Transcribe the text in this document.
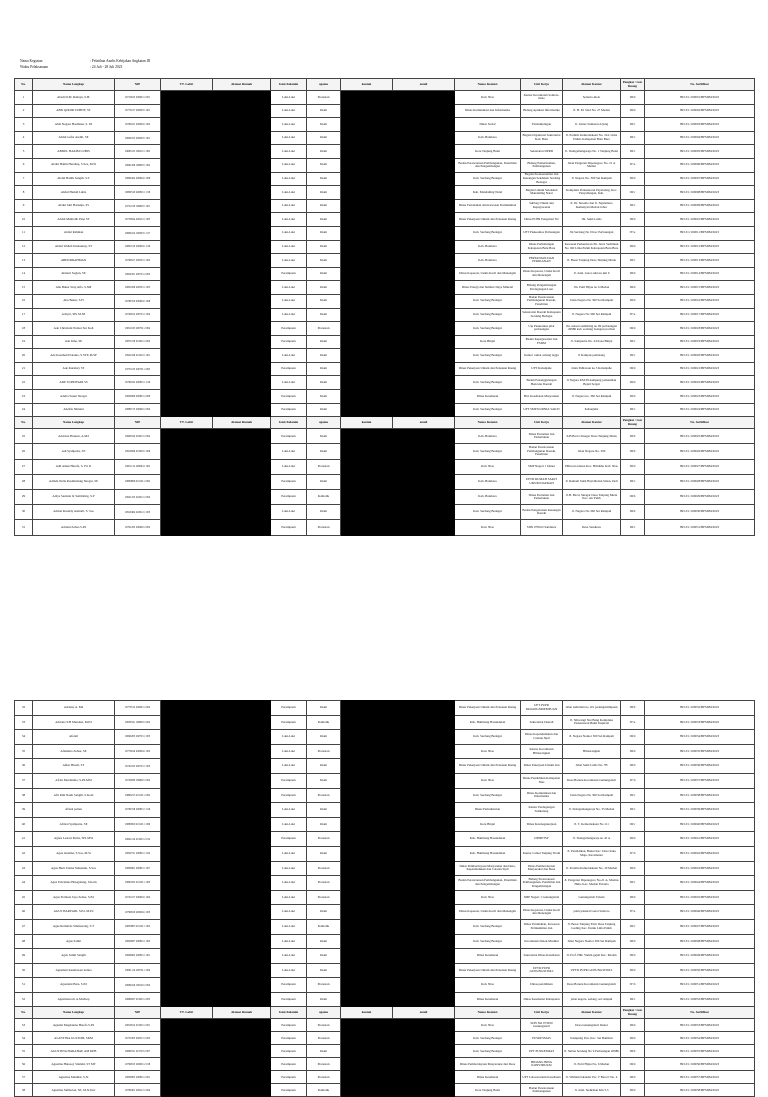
Nama Kegiatan	: Pelatihan Analis Kebijakan Angkatan III
Waktu Pelaksanaan	: 24 Juli - 28 Juli 2023
No.	Nama Lengkap	NIP	TT. Lahir	Alamat Rumah	Jenis Kelamin	agama	kontak	email	Nama Instansi	Unit Kerja	Alamat Kantor	Pangkat / Gol. Ruang	No. Sertifikat
1	Abadi D.M. Rahayu, S.H.	19710613 200901 2 001			Laki-Laki	Protestan			Kab. Nias	Kantor Kecamatan Somolo-molo	Somolo-molo	III/d	893.3/1/100001/BPSDM/2023
2	ABD QODIR ZUHDY, ST	19770217 200903 1 001			Laki-Laki	Islam			Dinas Komunikasi dan Informatika	Bidang Aplikasi Informatika	Jl. H. M. Said No. 27 Medan	III/d	893.3/1/100002/BPSDM/2023
3	Abdi Negara Hasibuan, S. Pd	19790221 200904 1 002			Laki-Laki	Islam			Dinas Sosial	Pendampingan	Jl. Lintas Sumatera Ujung	III/c	893.3/1/100003/BPSDM/2023
4	Abdul Gafar Auditi, SE	19840315 200903 1 001			Laki-Laki	Islam			Kab. Batubara	Bagian Organisasi Sekretariat Kab. Batu	Jl. Perintis Kemerdekaan No. 164, Lima Puluh, Kabupaten Batu Bara	III/c	893.3/1/100004/BPSDM/2023
5	ABDUL HAKIM LUBIS	19681105 199512 1 002			Laki-Laki	Islam			Kota Tanjung Balai	Sekretariat DPRD	Jl. Sisingamangaraja No. 1 Tanjung Balai	III/c	893.3/1/100005/BPSDM/2023
6	Abdul Halim Harahap, S.Sos, M.Si	19661208 198903 1 002			Laki-Laki	Islam			Badan Perencanaan Pembangunan, Penelitian dan Pengembangan	Bidang Pemerintahan, Pembangunan	Jalan Pangeran Diponegoro No. 21 A Medan	IV/a	893.3/1/100006/BPSDM/2023
7	Abdul Halim Sangih, S.T	19800422 200604 1 009			Laki-Laki	Islam			Kab. Serdang Bedagai	Bagian Perekonomian dan Keuangan Sekdakab Serdang Bedagai	Jl. Negara No. 300 Sei Rampah	III/d	893.3/1/100007/BPSDM/2023
8	Abdul Hamid Lubis	19800510 200801 1 018			Laki-Laki	Islam			Kab. Mandailing Natal	Bagian Umum Sekdakab Mandailing Natal	Kompleks Perkantoran Payaloting, Kec. Panyabungan, Kab.	III/c	893.3/1/100008/BPSDM/2023
9	Abdul Jalil Harianja, SS	19721109 199603 1 001			Laki-Laki	Islam			Dinas Pertanahan dan Kawasan Permukiman	Subbag Umum dan Kepegawaian	Jl. Dr. Sutomo dan Jl. Ngalamoto Kemenyan Medan Johor	III/c	893.3/1/100009/BPSDM/2023
10	Abdul Mutholib Pane ST	19750924 200212 1 003			Laki-Laki	Islam			Dinas Pekerjaan Umum dan Penataan Ruang	Dinas PUPR Pengairan SU	Jln. Sakti Lubis	III/d	893.3/1/100010/BPSDM/2023
11	Abdul Rahman	19690412 199303 1 017			Laki-Laki	Islam			Kab. Serdang Bedagai	UPT Puskesmas Perbaungan	Jln Serdang No 9 Kec Perbaungan	IV/a	893.3/1/100011/BPSDM/2023
12	Abdul Wahab Daulaunay, ST	19801010 200604 1 016			Laki-Laki	Islam			Kab. Batubara	Dinas Perhubungan Kabupaten Batu Bara	Kawasan Perkantoran Jln. Jend. Sudirman No 160 Lima Puluh Kabupaten Batu Bara	III/d	893.3/1/100012/BPSDM/2023
13	ABDURRAHMAN	19760917 200501 1 002			Laki-Laki	Islam			Kab. Batubara	PERTANIAN DAN PERIKANAN	Jl. Besar Tanjung Desa Tanjung Muda	III/c	893.3/1/100013/BPSDM/2023
14	Abmeri Sagian, SE	19820321 200701 2 003			Perempuan	Islam			Dinas Koperasi, Usaha Kecil dan Menengah	Dinas Koperasi, Usaha Kecil dan Menengah	Jl. Jend. Gatot subroto km 6	III/d	893.3/1/100014/BPSDM/2023
15	Abu Bakar Siraj Alfa, S.SM	19831009 200501 1 003			Laki-Laki	Islam			Dinas Energi dan Sumber Daya Mineral	Bidang Pengembangan Perdagangan Luar	Jln. Putri Hijau no 6 Medan	III/d	893.3/1/100015/BPSDM/2023
16	Abu Bakar, S.Pi	19780310 200604 1 008			Laki-Laki	Islam			Kab. Serdang Bedagai	Badan Perencanaan Pembangunan Daerah, Penelitian	Jalan Negara No 300 Sei Rampah	III/d	893.3/1/100016/BPSDM/2023
17	Achyar, SH, M.SP	19740612 200701 1 004			Laki-Laki	Islam			Kab. Serdang Bedagai	Sekretariat Daerah Kabupaten Serdang Bedagai	Jl. Negara No 300 Sei Rampah	IV/a	893.3/1/100017/BPSDM/2023
18	Ade Christiani Nainar Sur Koh	19811025 200701 2 004			Perempuan	Protestan			Kab. Serdang Bedagai	Upt Puskesmas pilar perbaungan	Jln. nelson sembiring no 99 perbaungan 20986 kab. serdang bedagai provinsi	III/d	893.3/1/100018/BPSDM/2023
19	Ade Irma, SE	19871019 201001 2 002			Perempuan	Islam			Kota Binjai	Badan Kepegawaian dan PSDM	Jl. Sampurna No. 24 Kota Binjai	III/c	893.3/1/100019/BPSDM/2023
20	Ade Kesuhan Pratama, S.STP, M.SP	19921026 201410 1 001			Laki-Laki	Islam			Kab. Serdang Bedagai	Kantor camat sabang lagga	Jl Kampus pematang	III/c	893.3/1/100020/BPSDM/2023
21	Ade Kurniaty ST	19751103 200701 2 003			Perempuan	Islam			Dinas Pekerjaan Umum dan Penataan Ruang	UPT Kabanjahe	Jalan Pahlawan no 3 Kabanjahe	III/d	893.3/1/100021/BPSDM/2023
22	ADE SUPRIYADI SS	19760222 200801 1 016			Laki-Laki	Islam			Kab. Serdang Bedagai	Badan Penanggulangan Bencana Daerah	Jl Negara KM 69 kampung pemandian Bejati Sergai	III/d	893.3/1/100022/BPSDM/2023
23	Adelia Susan Siregar	19820909 200801 2 008			Perempuan	Islam			Dinas Kesehatan	Bid. Kesehatan Masyarakat	Jl. Negara no. 300 Sei Rampah	III/d	893.3/1/100023/BPSDM/2023
24	Adelfia Silmani	19880713 200902 2 004			Perempuan	Islam			Kab. Serdang Bedagai	UPT SMP KURNIA SAKTI	Kabanjahe	III/c	893.3/1/100024/BPSDM/2023
No.	Nama Lengkap	NIP	TT. Lahir	Alamat Rumah	Jenis Kelamin	agama	kontak	email	Nama Instansi	Unit Kerja	Alamat Kantor	Pangkat / Gol. Ruang	No. Sertifikat
25	AdeLina Hanson, A.Md	19900524 202012 2 004			Perempuan	Islam			Kab. Batubara	Dinas Pertanian dan Perkebunan	Jl.H.Bacra Sinagar Desa Tanjung Muda	III/b	893.3/1/100025/BPSDM/2023
26	Adi Syahputra, SE	19910826 201903 1 006			Laki-Laki	Islam			Kab. Serdang Bedagai	Badan Perencanaan Pembangunan Daerah, Penelitian	Jalan Negara No. 300	III/b	893.3/1/100026/BPSDM/2023
27	Adil Aman Harefa, S. Pd. K	19811112 200604 1 002			Laki-Laki	Protestan			Kab. Nias	SMP Negeri 1 Idanoi	Hiliweto-idanoi Kec. Hiliduho Kab. Nias	III/d	893.3/1/100027/BPSDM/2023
28	Adinda Nella Rosmindang Siregar, SE	19860908 201101 2 002			Perempuan	Islam			Kab. Batubara	UPTD RUMAH SAKIT UMUM DAERAH	Jl. Ramadi Sakit Haji Medan Sidon, Deli	III/c	893.3/1/100028/BPSDM/2023
29	Adiya Sandala br Sembiring, S.P	19951225 202012 2 004			Perempuan	Katholik			Kab. Batubara	Dinas Pertanian dan Perkebunan	Jl.H. Bacra Sinagar Desa Tanjung Muda Kec. Air Putih	III/b	893.3/1/100029/BPSDM/2023
30	Adrian Rosaldy Asmarli, S. Sos	19910404 202012 1 003			Laki-Laki	Islam			Kab. Serdang Bedagai	Badan Pengelolaan Keuangan Daerah	Jl. Negara No 300 Sei Rampah	III/b	893.3/1/100030/BPSDM/2023
31	Adriani Zebua S.Pd	19791203 200902 2 002			Perempuan	Protestan			Kab. Nias	SDN 078102 Sanduwu	Desa Sanduwu	III/c	893.3/1/100031/BPSDM/2023
32	Adriani, A. Md	19770512 200901 2 002			Perempuan	Islam			Dinas Pekerjaan Umum dan Penataan Ruang	UPT PUPR PADANGSIDEMPUAN	Jalan sudirman no 191 padangsidimpuan	III/b	893.3/1/100032/BPSDM/2023
33	Adriana Y.H Matulesi, M.Pd	19630521 198603 2 002			Perempuan	Katholik			Kab. Humbang Hasundutan	Sekretariat Daerah	Jl. Siliwangi Sisi Bang Kompleks Perkantoran Bukit Inspirasi	IV/a	893.3/1/100033/BPSDM/2023
34	Afendi	19840203 200701 1 005			Laki-Laki	Islam			Kab. Serdang Bedagai	Dinas Kependudukan dan Catatan Sipil	Jl. Negara Nomor 300 Sei Rampah	III/d	893.3/1/100034/BPSDM/2023
35	Afiantino Zebua, SE	19770619 200904 1 002			Laki-Laki	Protestan			Kab. Nias	Kantor Kecamatan Hiliserangkai	Hiliserangkai	III/d	893.3/1/100035/BPSDM/2023
36	Afkar Hiredi, ST	19741023 200701 1 003			Laki-Laki	Islam			Dinas Pekerjaan Umum dan Penataan Ruang	Dinas Pekerjaan Umum dan	Jalan Sakti Lubis No. 7B	III/d	893.3/1/100036/BPSDM/2023
37	Afrita Mardianita, S.Pd.MSI	19720830 199802 2 002			Perempuan	Islam			Kab. Nias	Dinas Pendidikan Kabupaten Nias	Desa Baruzu Kecamatan Gunungsitoli	IV/b	893.3/1/100037/BPSDM/2023
38	Afri Rini Nauli Sangih, S.Kom	19890213 201101 2 002			Perempuan	Protestan			Kab. Serdang Bedagai	Dinas Komunikasi dan Informatika	Jalan Negara No 300 Sei Rampah	III/c	893.3/1/100038/BPSDM/2023
39	afrizal pohan	19760318 200801 1 016			Laki-Laki	Islam			Dinas Perindustrian	Kantor Perdagangan Sidikalang	Jl. Sisingamangaraja No. 35 Medan	III/c	893.3/1/100039/BPSDM/2023
40	Afrizal Syahputra, SE	19880820 201101 1 006			Laki-Laki	Islam			Kota Binjai	Dinas Ketenagakerjaan	Jl. T. Kemerdekaan No 111	III/c	893.3/1/100040/BPSDM/2023
41	Agnes Lestari Purba, SH, MSI	19841214 201001 2 012			Perempuan	Protestan			Kab. Humbang Hasundutan	DPMPTSP	Jl. Sisingamangaraja no 45 A	III/d	893.3/1/100041/BPSDM/2023
42	Agus Awalika, S.Sos, M.Si	19820721 200801 1 022			Laki-Laki	Islam			Kab. Humbang Hasundutan	Kantor Camat Tanjung Tiram	Jl. Pendidikan, Bunut Kec. Desa Suka Maju, Kecamatan	IV/b	893.3/1/100042/BPSDM/2023
43	Agus Hani Utama Simanulu, S.Sos	19800901 200801 1 007			Laki-Laki	Protestan			Dinas Pemberdayaan Masyarakat dan Desa, Kependudukan dan Catatan Sipil	Dinas Pemberdayaan Masyarakat dan Desa	Jl. Pertahu Kemerdekaan No. 19 Medan	III/d	893.3/1/100043/BPSDM/2023
44	Agus Febrianus Hutagalung, S.Kom	19861002 201101 1 003			Laki-Laki	Protestan			Badan Perencanaan Pembangunan, Penelitian dan Pengembangan	Bidang Perencanaan Pembangunan, Penelitian dan Pengembangan	Jl. Pangeran Diponegoro No.21 A, Madras Hulu, Kec. Medan Polonia	III/c	893.3/1/100044/BPSDM/2023
45	Agus Permata Jaya Zebua, S.Pd	19721017 200604 1 004			Laki-Laki	Protestan			Kab. Nias	SMP Negeri 1 Gunungsitoli	Gunungsitoli Tabalu	III/d	893.3/1/100045/BPSDM/2023
46	AGUS HARYADI, S.Pd, M.Pd	19790810 200604 1 003			Laki-Laki	Islam			Dinas Koperasi, Usaha Kecil dan Menengah	Dinas Koperasi, Usaha Kecil dan Menengah	jalan jenderal Gatot Subroto	IV/a	893.3/1/100046/BPSDM/2023
47	Agus Romuldo Situmorang, S.T	19850803 201101 1 002			Laki-Laki	Katholik			Kab. Serdang Bedagai	Dinas Perumahan, Kawasan Permukiman dan	Jl. Besar Tanjung Pasir Desa Tanjung Gading Kec. Datuk Lima Puluh	III/c	893.3/1/100047/BPSDM/2023
48	Agus Salim	19820607 200801 1 003			Laki-Laki	Islam			Kab. Serdang Bedagai	Kecamatan Dolok Masihul	Jalan Negara Nomor 300 Sei Rampah	III/d	893.3/1/100048/BPSDM/2023
49	Agus Salim Sangih	19840602 200801 1 001			Laki-Laki	Islam			Dinas Kesehatan	Sekretariat Dinas Kesehatan	Jl. Prof. HM. Yamin gejah Kec. Medan	III/d	893.3/1/100049/BPSDM/2023
50	Agusman Kusmawan Zebua	19801114 200701 1 004			Laki-Laki	Islam			Dinas Pekerjaan Umum dan Penataan Ruang	UPTD PUPR GUNUNGSITOLI	UPTD PUPR GUNUNGSITOLI	III/d	893.3/1/100050/BPSDM/2023
51	Agustiani Bara, S.Pd	19680419 199102 2 004			Perempuan	Protestan			Kab. Nias	Dinas pendidikan	Desa Baruzu Kecamatan Gunungsitoli	IV/b	893.3/1/100051/BPSDM/2023
52	Agustinawati, A.Md.Kep	19860827 201001 2 005			Perempuan	Islam			Dinas Kesehatan	Dinas Kesehatan Kabupaten	jalan negara, sedang, sei rampah	III/c	893.3/1/100052/BPSDM/2023
No.	Nama Lengkap	NIP	TT. Lahir	Alamat Rumah	Jenis Kelamin	agama	kontak	email	Nama Instansi	Unit Kerja	Alamat Kantor	Pangkat / Gol. Ruang	No. Sertifikat
53	Agustin Magdalena Harefa S.Pd	19810912 201001 2 001			Perempuan	Protestan			Kab. Nias	SDN NO 073050 Gunungsitoli	Desa Gunungsitoli Idanoi	III/d	893.3/1/100053/BPSDM/2023
54	AGUSTINA GULTOM, SKM	19751003 200312 2 003			Perempuan	Protestan			Kab. Serdang Bedagai	PUSKESMAS	Kampung Pon, Kec. Sei Bamban	III/d	893.3/1/100054/BPSDM/2023
55	AGUSTINA HARAHAP, AM KEB	19860521 201703 2 007			Perempuan	Islam			Kab. Serdang Bedagai	UPT PUSKESMAS	Jl. Sultan Serdang No 9 Perbaungan 20986	III/b	893.3/1/100055/BPSDM/2023
56	Agustina Hutasoy Silalahi, ST MT	19790815 200601 2 018			Perempuan	Protestan			Dinas Pemberdayaan Masyarakat dan Desa	BIDANG BINA KONSTRUKSI	Jl. Putri Hijau No. 6 Medan	III/d	893.3/1/100056/BPSDM/2023
57	Agustina Manihar, S.Si	19830805 200801 2 001			Perempuan	Protestan			Dinas Kesehatan	UPT Laboratorium Kesehatan	Jl. William Iskandar Psr. V Barat I No. 4	III/d	893.3/1/100057/BPSDM/2023
58	Agustina Simbolon, SE, M.Si Dev	19780401 200212 2 004			Perempuan	Katholik			Kota Tanjung Balai	Badan Perencanaan Pembangunan	Jl. Jend. Sudirman Km 5,5	III/d	893.3/1/100058/BPSDM/2023
